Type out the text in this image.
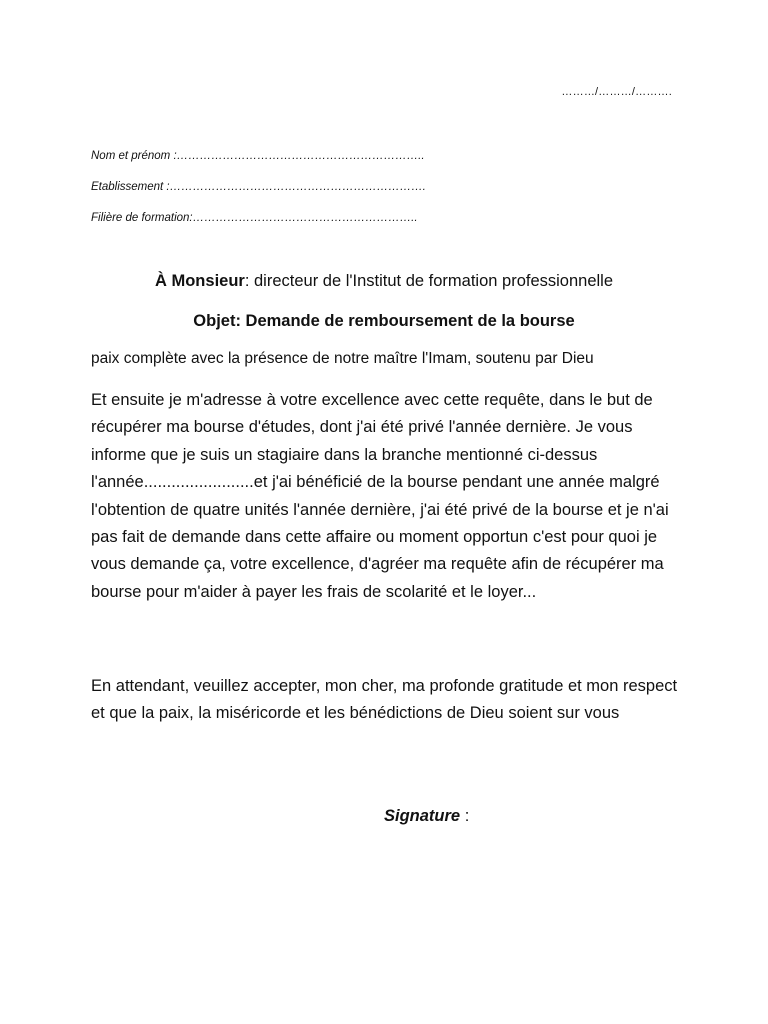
………/………/……….
Nom et prénom :………………………………………………………..
Etablissement :………………………………………………………….
Filière de formation:…………………………………………………..
À Monsieur: directeur de l'Institut de formation professionnelle
Objet: Demande de remboursement de la bourse
paix complète avec la présence de notre maître l'Imam, soutenu par Dieu
Et ensuite je m'adresse à votre excellence avec cette requête, dans le but de récupérer ma bourse d'études, dont j'ai été privé l'année dernière. Je vous informe que je suis un stagiaire dans la branche mentionné ci-dessus l'année........................et j'ai bénéficié de la bourse pendant une année malgré l'obtention de quatre unités l'année dernière, j'ai été privé de la bourse et je n'ai pas fait de demande dans cette affaire ou moment opportun c'est pour quoi je vous demande ça, votre excellence, d'agréer ma requête afin de récupérer ma bourse pour m'aider à payer les frais de scolarité et le loyer...
En attendant, veuillez accepter, mon cher, ma profonde gratitude et mon respect et que la paix, la miséricorde et les bénédictions de Dieu soient sur vous
Signature :
